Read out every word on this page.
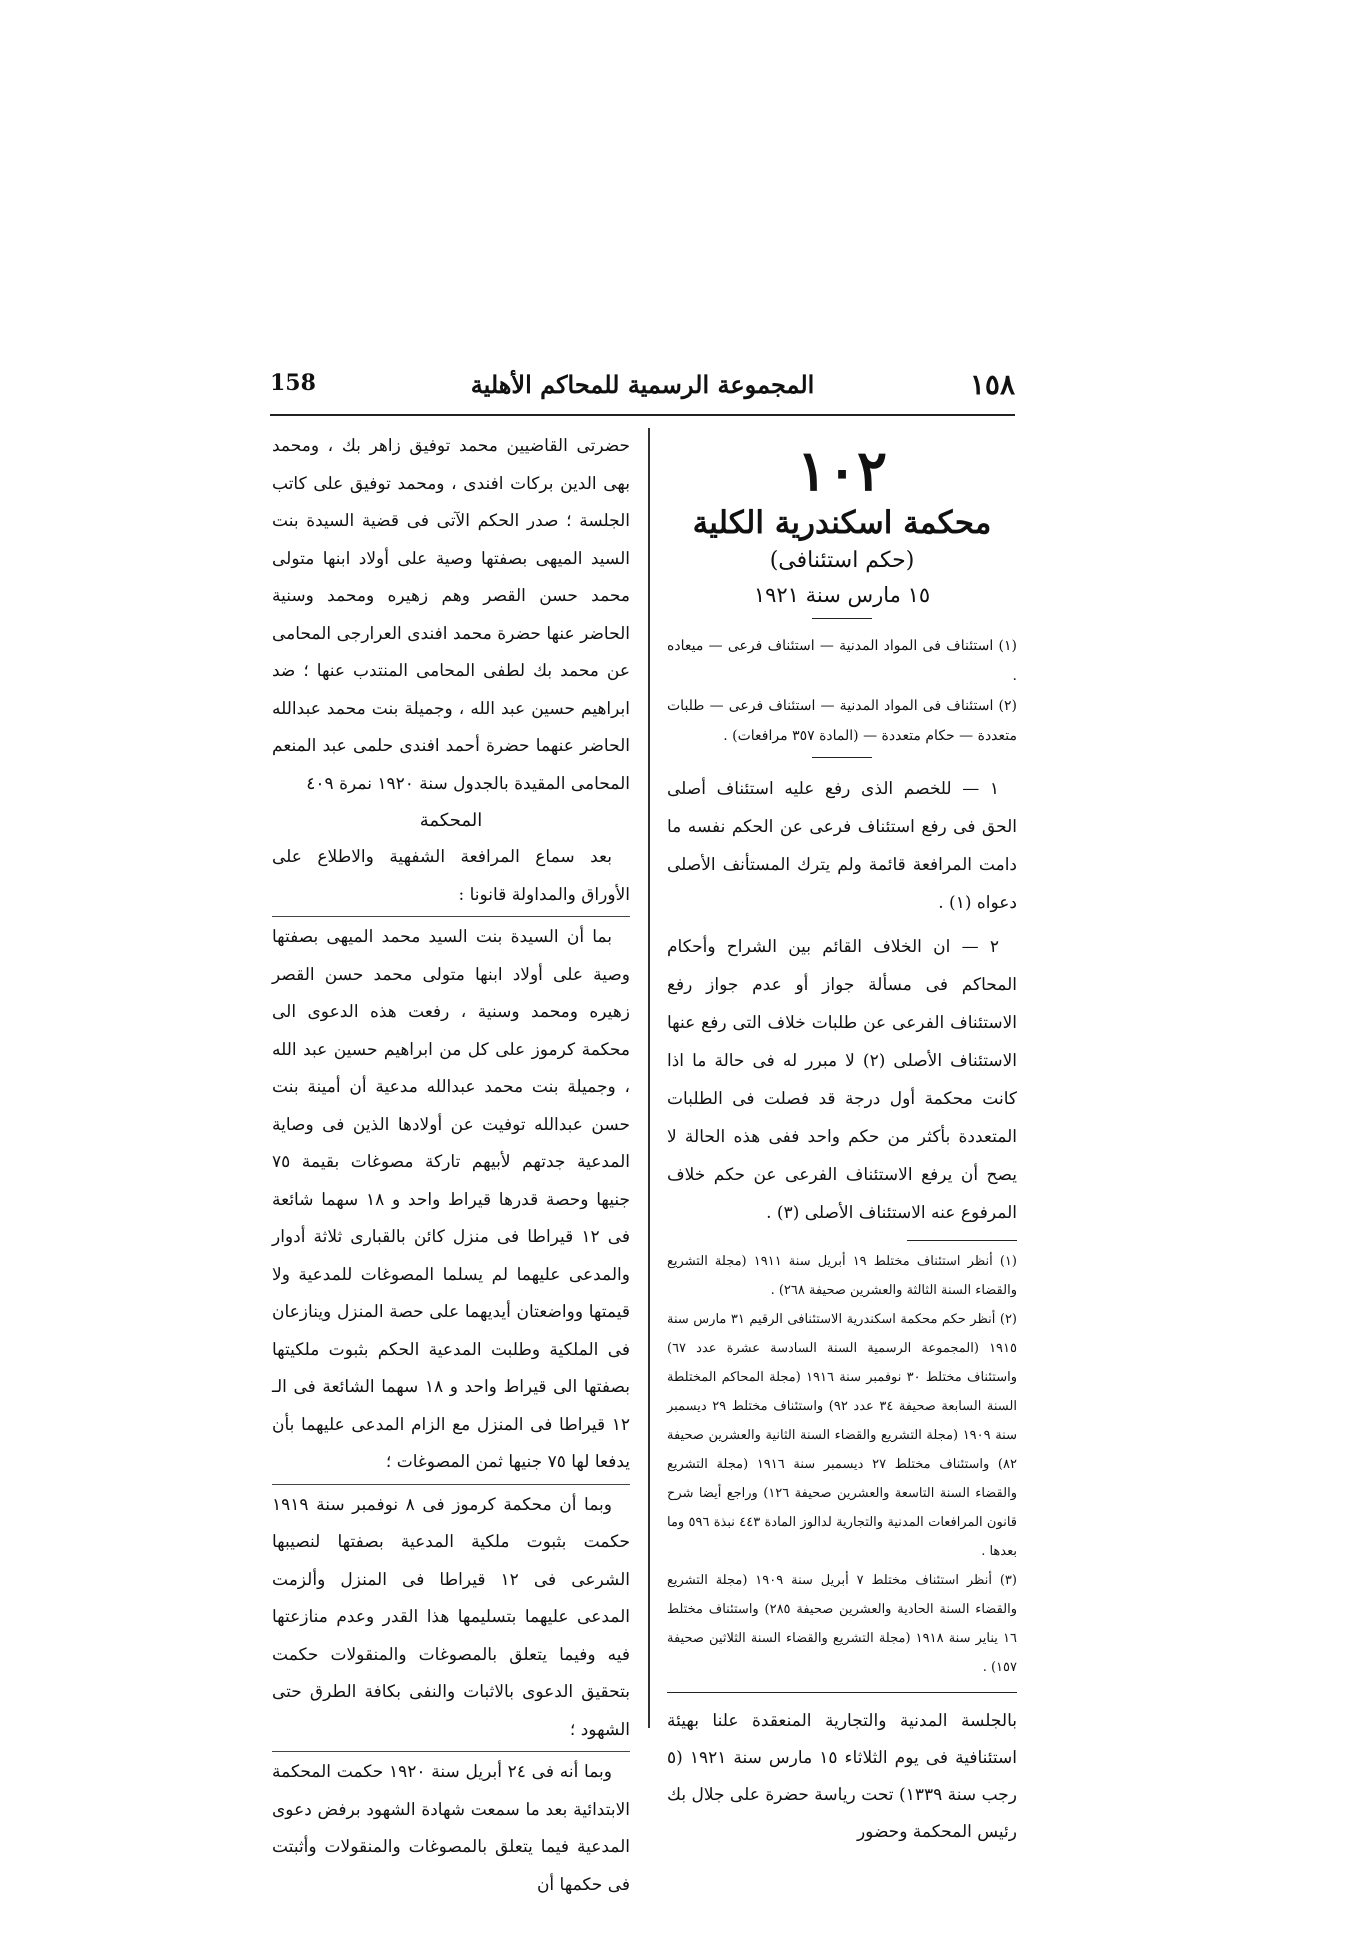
١٥٨
المجموعة الرسمية للمحاكم الأهلية
158
١٠٢
محكمة اسكندرية الكلية
(حكم استئنافی)
١٥ مارس سنة ١٩٢١
(١) استئناف فی المواد المدنیة — استئناف فرعی — میعاده .
(٢) استئناف فی المواد المدنیة — استئناف فرعی — طلبات متعددة — حکام متعددة — (المادة ٣٥٧ مرافعات) .
١ — للخصم الذی رفع علیه استئناف أصلی الحق فی رفع استئناف فرعی عن الحکم نفسه ما دامت المرافعة قائمة ولم یترك المستأنف الأصلی دعواه (١) .
٢ — ان الخلاف القائم بین الشراح وأحکام المحاکم فی مسألة جواز أو عدم جواز رفع الاستئناف الفرعی عن طلبات خلاف التی رفع عنها الاستئناف الأصلی (٢) لا مبرر له فی حالة ما اذا کانت محکمة أول درجة قد فصلت فی الطلبات المتعددة بأکثر من حکم واحد ففی هذه الحالة لا یصح أن یرفع الاستئناف الفرعی عن حکم خلاف المرفوع عنه الاستئناف الأصلی (٣) .
(١) أنظر استئناف مختلط ١٩ أبریل سنة ١٩١١ (مجلة التشریع والقضاء السنة الثالثة والعشرین صحیفة ٢٦٨) .
(٢) أنظر حکم محکمة اسکندریة الاستئنافی الرقیم ٣١ مارس سنة ١٩١٥ (المجموعة الرسمیة السنة السادسة عشرة عدد ٦٧) واستئناف مختلط ٣٠ نوفمبر سنة ١٩١٦ (مجلة المحاکم المختلطة السنة السابعة صحیفة ٣٤ عدد ٩٢) واستئناف مختلط ٢٩ دیسمبر سنة ١٩٠٩ (مجلة التشریع والقضاء السنة الثانیة والعشرین صحیفة ٨٢) واستئناف مختلط ٢٧ دیسمبر سنة ١٩١٦ (مجلة التشریع والقضاء السنة التاسعة والعشرین صحیفة ١٢٦) وراجع أیضا شرح قانون المرافعات المدنیة والتجاریة لدالوز المادة ٤٤٣ نبذة ٥٩٦ وما بعدها .
(٣) أنظر استئناف مختلط ٧ أبریل سنة ١٩٠٩ (مجلة التشریع والقضاء السنة الحادیة والعشرین صحیفة ٢٨٥) واستئناف مختلط ١٦ ینایر سنة ١٩١٨ (مجلة التشریع والقضاء السنة الثلاثین صحیفة ١٥٧) .
بالجلسة المدنیة والتجاریة المنعقدة علنا بهیئة استئنافیة فی یوم الثلاثاء ١٥ مارس سنة ١٩٢١ (٥ رجب سنة ١٣٣٩) تحت رياسة حضرة علی جلال بك رئیس المحکمة وحضور
حضرتی القاضیین محمد توفیق زاهر بك ، ومحمد بهی الدین برکات افندی ، ومحمد توفیق علی کاتب الجلسة ؛ صدر الحکم الآتی فی قضیة السیدة بنت السید المیهی بصفتها وصیة علی أولاد ابنها متولی محمد حسن القصر وهم زهیره ومحمد وسنیة الحاضر عنها حضرة محمد افندی العرارجی المحامی عن محمد بك لطفی المحامی المنتدب عنها ؛ ضد ابراهیم حسین عبد الله ، وجمیلة بنت محمد عبدالله الحاضر عنهما حضرة أحمد افندی حلمی عبد المنعم المحامی المقیدة بالجدول سنة ١٩٢٠ نمرة ٤٠٩
المحکمة
بعد سماع المرافعة الشفهیة والاطلاع علی الأوراق والمداولة قانونا :
بما أن السیدة بنت السید محمد المیهی بصفتها وصیة علی أولاد ابنها متولی محمد حسن القصر زهیره ومحمد وسنیة ، رفعت هذه الدعوی الی محکمة کرموز علی کل من ابراهیم حسین عبد الله ، وجمیلة بنت محمد عبدالله مدعیة أن أمینة بنت حسن عبدالله توفیت عن أولادها الذین فی وصایة المدعیة جدتهم لأبیهم تارکة مصوغات بقیمة ٧٥ جنیها وحصة قدرها قیراط واحد و ١٨ سهما شائعة فی ١٢ قیراطا فی منزل کائن بالقباری ثلاثة أدوار والمدعی علیهما لم یسلما المصوغات للمدعیة ولا قیمتها وواضعتان أیدیهما علی حصة المنزل وینازعان فی الملکیة وطلبت المدعیة الحکم بثبوت ملکیتها بصفتها الی قیراط واحد و ١٨ سهما الشائعة فی الـ ١٢ قیراطا فی المنزل مع الزام المدعی علیهما بأن یدفعا لها ٧٥ جنیها ثمن المصوغات ؛
وبما أن محکمة کرموز فی ٨ نوفمبر سنة ١٩١٩ حکمت بثبوت ملکیة المدعیة بصفتها لنصیبها الشرعی فی ١٢ قیراطا فی المنزل وألزمت المدعی علیهما بتسلیمها هذا القدر وعدم منازعتها فیه وفیما یتعلق بالمصوغات والمنقولات حکمت بتحقیق الدعوی بالاثبات والنفی بکافة الطرق حتی الشهود ؛
وبما أنه فی ٢٤ أبریل سنة ١٩٢٠ حکمت المحکمة الابتدائیة بعد ما سمعت شهادة الشهود برفض دعوی المدعیة فیما یتعلق بالمصوغات والمنقولات وأثبتت فی حکمها أن
